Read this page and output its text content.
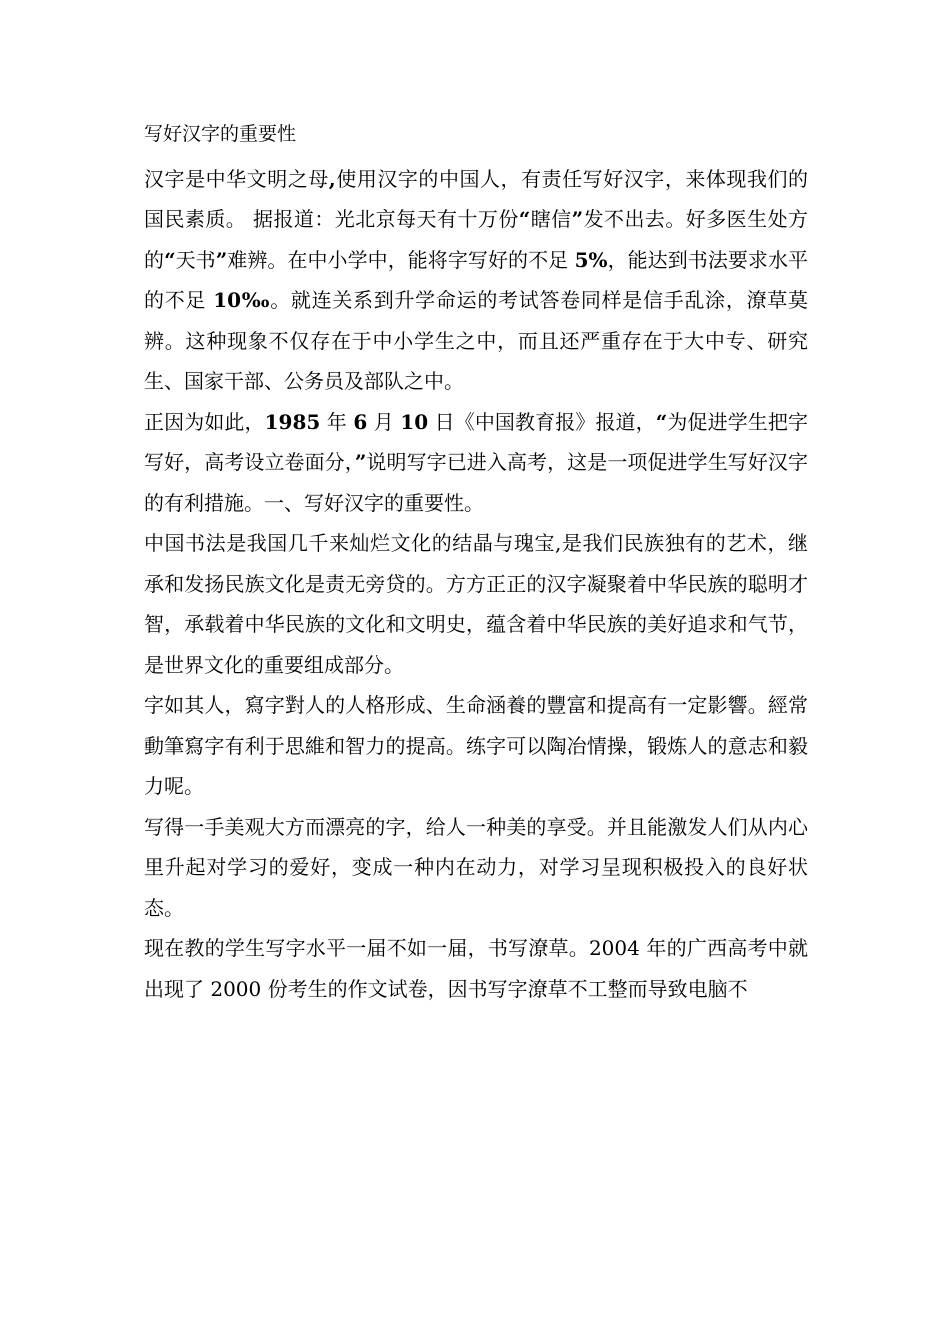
写好汉字的重要性

汉字是中华文明之母,使用汉字的中国人，有责任写好汉字，来体现我们的国民素质。 据报道：光北京每天有十万份“瞎信”发不出去。好多医生处方的“天书”难辨。在中小学中，能将字写好的不足 5%，能达到书法要求水平的不足 10‰。就连关系到升学命运的考试答卷同样是信手乱涂，潦草莫辨。这种现象不仅存在于中小学生之中，而且还严重存在于大中专、研究生、国家干部、公务员及部队之中。

正因为如此，1985 年 6 月 10 日《中国教育报》报道，“为促进学生把字写好，高考设立卷面分，”说明写字已进入高考，这是一项促进学生写好汉字的有利措施。一、写好汉字的重要性。

中国书法是我国几千来灿烂文化的结晶与瑰宝,是我们民族独有的艺术，继承和发扬民族文化是责无旁贷的。方方正正的汉字凝聚着中华民族的聪明才智，承载着中华民族的文化和文明史，蕴含着中华民族的美好追求和气节，是世界文化的重要组成部分。

字如其人，寫字對人的人格形成、生命涵養的豐富和提高有一定影響。經常動筆寫字有利于思維和智力的提高。练字可以陶冶情操，锻炼人的意志和毅力呢。

写得一手美观大方而漂亮的字，给人一种美的享受。并且能激发人们从内心里升起对学习的爱好，变成一种内在动力，对学习呈现积极投入的良好状态。

现在教的学生写字水平一届不如一届，书写潦草。2004 年的广西高考中就出现了 2000 份考生的作文试卷，因书写字潦草不工整而导致电脑不
